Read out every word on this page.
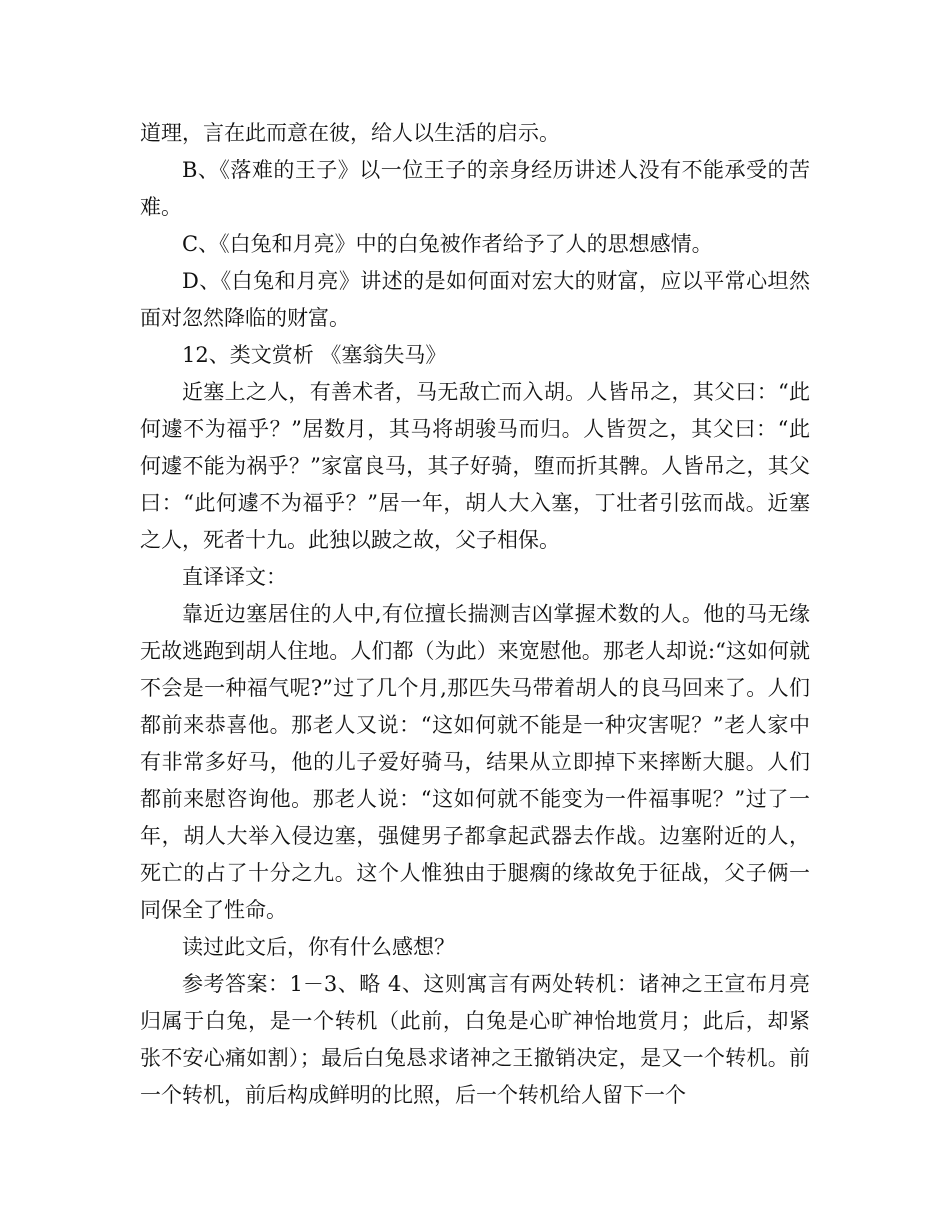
道理，言在此而意在彼，给人以生活的启示。

B、《落难的王子》以一位王子的亲身经历讲述人没有不能承受的苦难。

C、《白兔和月亮》中的白兔被作者给予了人的思想感情。

D、《白兔和月亮》讲述的是如何面对宏大的财富，应以平常心坦然面对忽然降临的财富。

12、类文赏析 《塞翁失马》

近塞上之人，有善术者，马无敌亡而入胡。人皆吊之，其父曰：“此何遽不为福乎？”居数月，其马将胡骏马而归。人皆贺之，其父曰：“此何遽不能为祸乎？”家富良马，其子好骑，堕而折其髀。人皆吊之，其父曰：“此何遽不为福乎？”居一年，胡人大入塞，丁壮者引弦而战。近塞之人，死者十九。此独以跛之故，父子相保。

直译译文：

靠近边塞居住的人中,有位擅长揣测吉凶掌握术数的人。他的马无缘无故逃跑到胡人住地。人们都（为此）来宽慰他。那老人却说:“这如何就不会是一种福气呢?”过了几个月,那匹失马带着胡人的良马回来了。人们都前来恭喜他。那老人又说：“这如何就不能是一种灾害呢？”老人家中有非常多好马，他的儿子爱好骑马，结果从立即掉下来摔断大腿。人们都前来慰咨询他。那老人说：“这如何就不能变为一件福事呢？”过了一年，胡人大举入侵边塞，强健男子都拿起武器去作战。边塞附近的人，死亡的占了十分之九。这个人惟独由于腿瘸的缘故免于征战，父子俩一同保全了性命。

读过此文后，你有什么感想？

参考答案：1－3、略 4、这则寓言有两处转机：诸神之王宣布月亮归属于白兔，是一个转机（此前，白兔是心旷神怡地赏月；此后，却紧张不安心痛如割）；最后白兔恳求诸神之王撤销决定，是又一个转机。前一个转机，前后构成鲜明的比照，后一个转机给人留下一个
